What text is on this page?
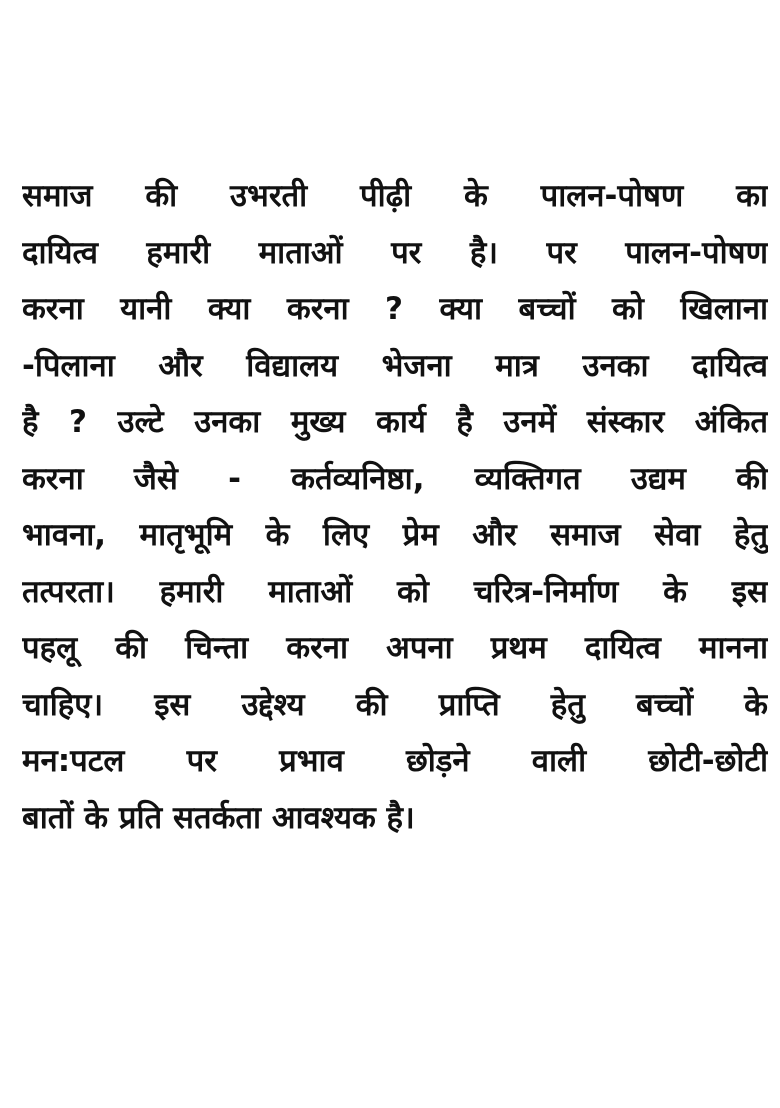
समाज की उभरती पीढ़ी के पालन-पोषण का
दायित्व हमारी माताओं पर है। पर पालन-पोषण
करना यानी क्या करना ? क्या बच्चों को खिलाना
-पिलाना और विद्यालय भेजना मात्र उनका दायित्व
है ? उल्टे उनका मुख्य कार्य है उनमें संस्कार अंकित
करना जैसे - कर्तव्यनिष्ठा, व्यक्तिगत उद्यम की
भावना, मातृभूमि के लिए प्रेम और समाज सेवा हेतु
तत्परता। हमारी माताओं को चरित्र-निर्माण के इस
पहलू की चिन्ता करना अपना प्रथम दायित्व मानना
चाहिए। इस उद्देश्य की प्राप्ति हेतु बच्चों के
मन:पटल पर प्रभाव छोड़ने वाली छोटी-छोटी
बातों के प्रति सतर्कता आवश्यक है।
